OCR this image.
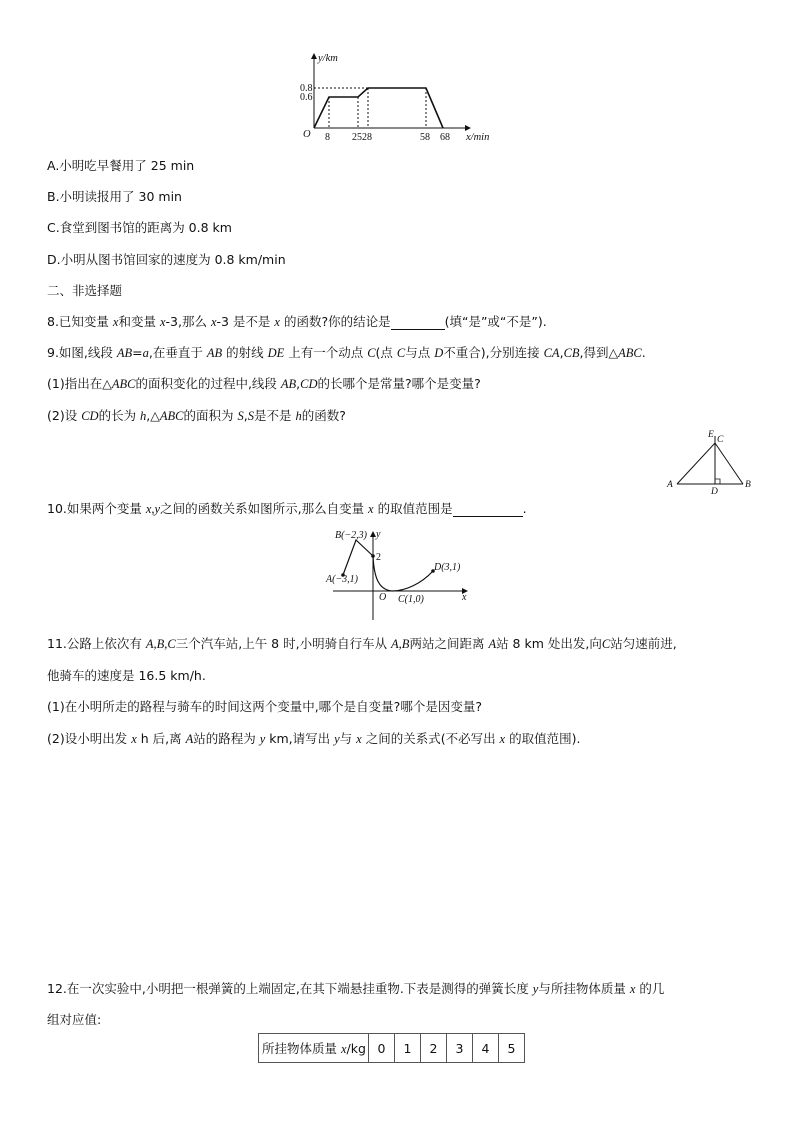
y/km
0.8
0.6
O 8 2528	58 68 x/min
A.小明吃早餐用了 25 min
B.小明读报用了 30 min
C.食堂到图书馆的距离为 0.8 km
D.小明从图书馆回家的速度为 0.8 km/min
二、非选择题
8.已知变量 x和变量 x-3,那么 x-3 是不是 x 的函数?你的结论是	(填“是”或“不是”).
9.如图,线段 AB=a,在垂直于 AB 的射线 DE 上有一个动点 C(点 C与点 D不重合),分别连接 CA,CB,得到△ABC.
(1)指出在△ABC的面积变化的过程中,线段 AB,CD的长哪个是常量?哪个是变量?
(2)设 CD的长为 h,△ABC的面积为 S,S是不是 h的函数?
E C
A	B
D
10.如果两个变量 x,y之间的函数关系如图所示,那么自变量 x 的取值范围是	.
B(−2,3)
A(−3,1)
2
D(3,1)
C(1,0)
O	x
y
11.公路上依次有 A,B,C三个汽车站,上午 8 时,小明骑自行车从 A,B两站之间距离 A站 8 km 处出发,向C站匀速前进,
他骑车的速度是 16.5 km/h.
(1)在小明所走的路程与骑车的时间这两个变量中,哪个是自变量?哪个是因变量?
(2)设小明出发 x h 后,离 A站的路程为 y km,请写出 y与 x 之间的关系式(不必写出 x 的取值范围).
12.在一次实验中,小明把一根弹簧的上端固定,在其下端悬挂重物.下表是测得的弹簧长度 y与所挂物体质量 x 的几
组对应值:
所挂物体质量 x/kg	0	1	2	3	4	5
